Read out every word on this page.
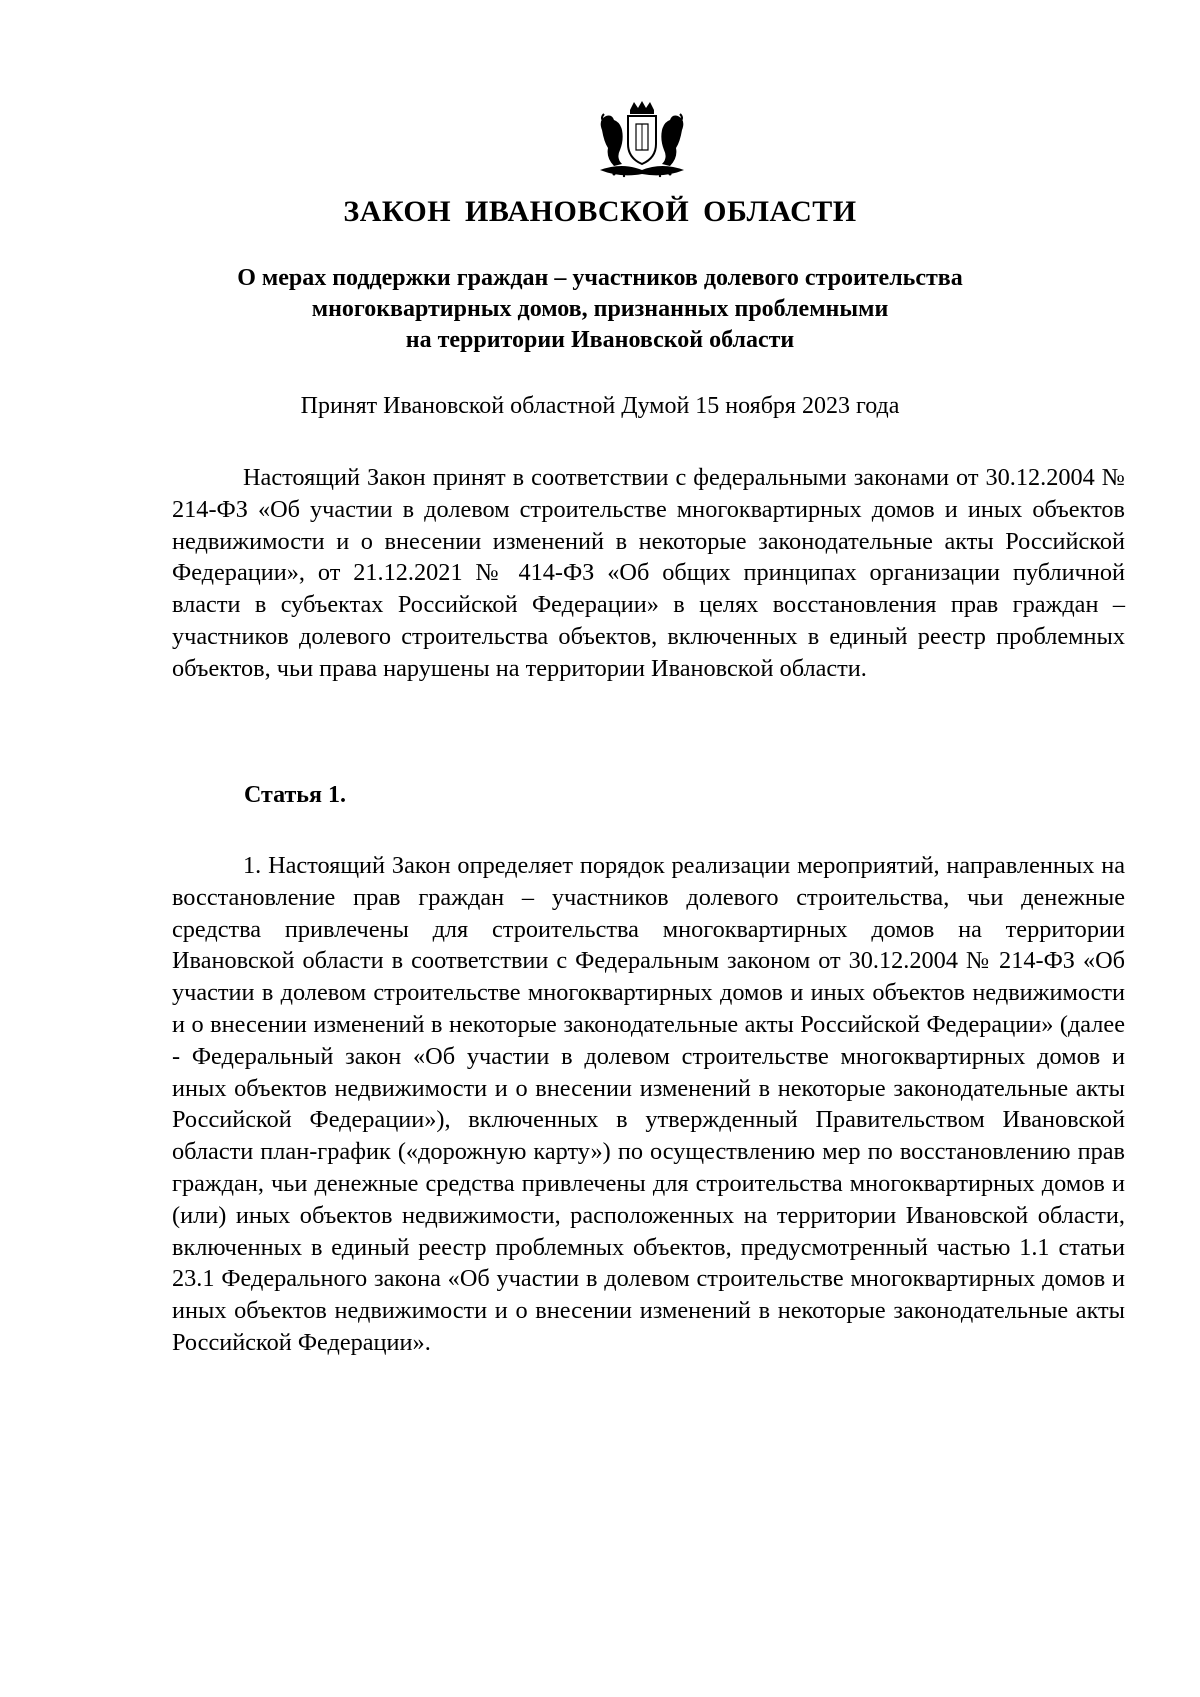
ЗАКОН ИВАНОВСКОЙ ОБЛАСТИ
О мерах поддержки граждан – участников долевого строительства
многоквартирных домов, признанных проблемными
на территории Ивановской области
Принят Ивановской областной Думой 15 ноября 2023 года

Настоящий Закон принят в соответствии с федеральными законами от 30.12.2004 № 214-ФЗ «Об участии в долевом строительстве многоквартирных домов и иных объектов недвижимости и о внесении изменений в некоторые законодательные акты Российской Федерации», от 21.12.2021 № 414-ФЗ «Об общих принципах организации публичной власти в субъектах Российской Федерации» в целях восстановления прав граждан – участников долевого строительства объектов, включенных в единый реестр проблемных объектов, чьи права нарушены на территории Ивановской области.

Статья 1.

1. Настоящий Закон определяет порядок реализации мероприятий, направленных на восстановление прав граждан – участников долевого строительства, чьи денежные средства привлечены для строительства многоквартирных домов на территории Ивановской области в соответствии с Федеральным законом от 30.12.2004 № 214-ФЗ «Об участии в долевом строительстве многоквартирных домов и иных объектов недвижимости и о внесении изменений в некоторые законодательные акты Российской Федерации» (далее - Федеральный закон «Об участии в долевом строительстве многоквартирных домов и иных объектов недвижимости и о внесении изменений в некоторые законодательные акты Российской Федерации»), включенных в утвержденный Правительством Ивановской области план-график («дорожную карту») по осуществлению мер по восстановлению прав граждан, чьи денежные средства привлечены для строительства многоквартирных домов и (или) иных объектов недвижимости, расположенных на территории Ивановской области, включенных в единый реестр проблемных объектов, предусмотренный частью 1.1 статьи 23.1 Федерального закона «Об участии в долевом строительстве многоквартирных домов и иных объектов недвижимости и о внесении изменений в некоторые законодательные акты Российской Федерации».
